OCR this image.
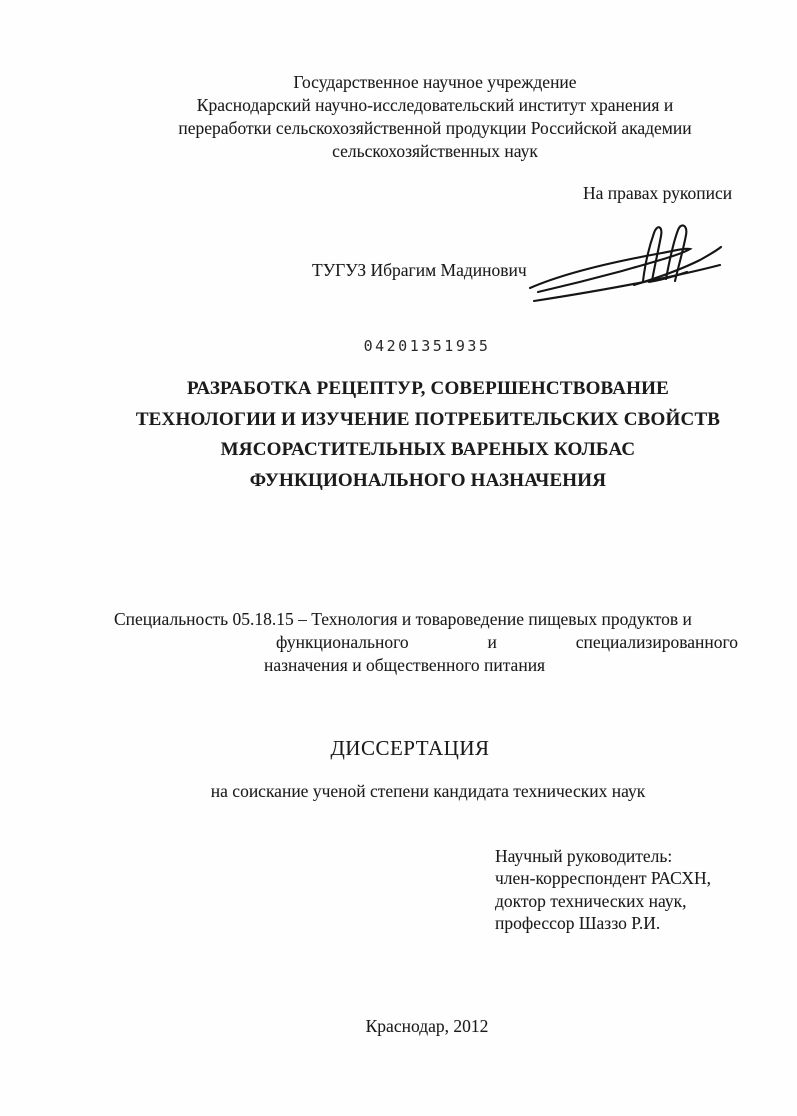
Государственное научное учреждение
Краснодарский научно-исследовательский институт хранения и
переработки сельскохозяйственной продукции Российской академии
сельскохозяйственных наук
На правах рукописи
ТУГУЗ Ибрагим Мадинович
04201351935
РАЗРАБОТКА РЕЦЕПТУР, СОВЕРШЕНСТВОВАНИЕ
ТЕХНОЛОГИИ И ИЗУЧЕНИЕ ПОТРЕБИТЕЛЬСКИХ СВОЙСТВ
МЯСОРАСТИТЕЛЬНЫХ ВАРЕНЫХ КОЛБАС
ФУНКЦИОНАЛЬНОГО НАЗНАЧЕНИЯ
Специальность 05.18.15 – Технология и товароведение пищевых продуктов и
функционального и специализированного
назначения и общественного питания
ДИССЕРТАЦИЯ
на соискание ученой степени кандидата технических наук
Научный руководитель:
член-корреспондент РАСХН,
доктор технических наук,
профессор Шаззо Р.И.
Краснодар, 2012
